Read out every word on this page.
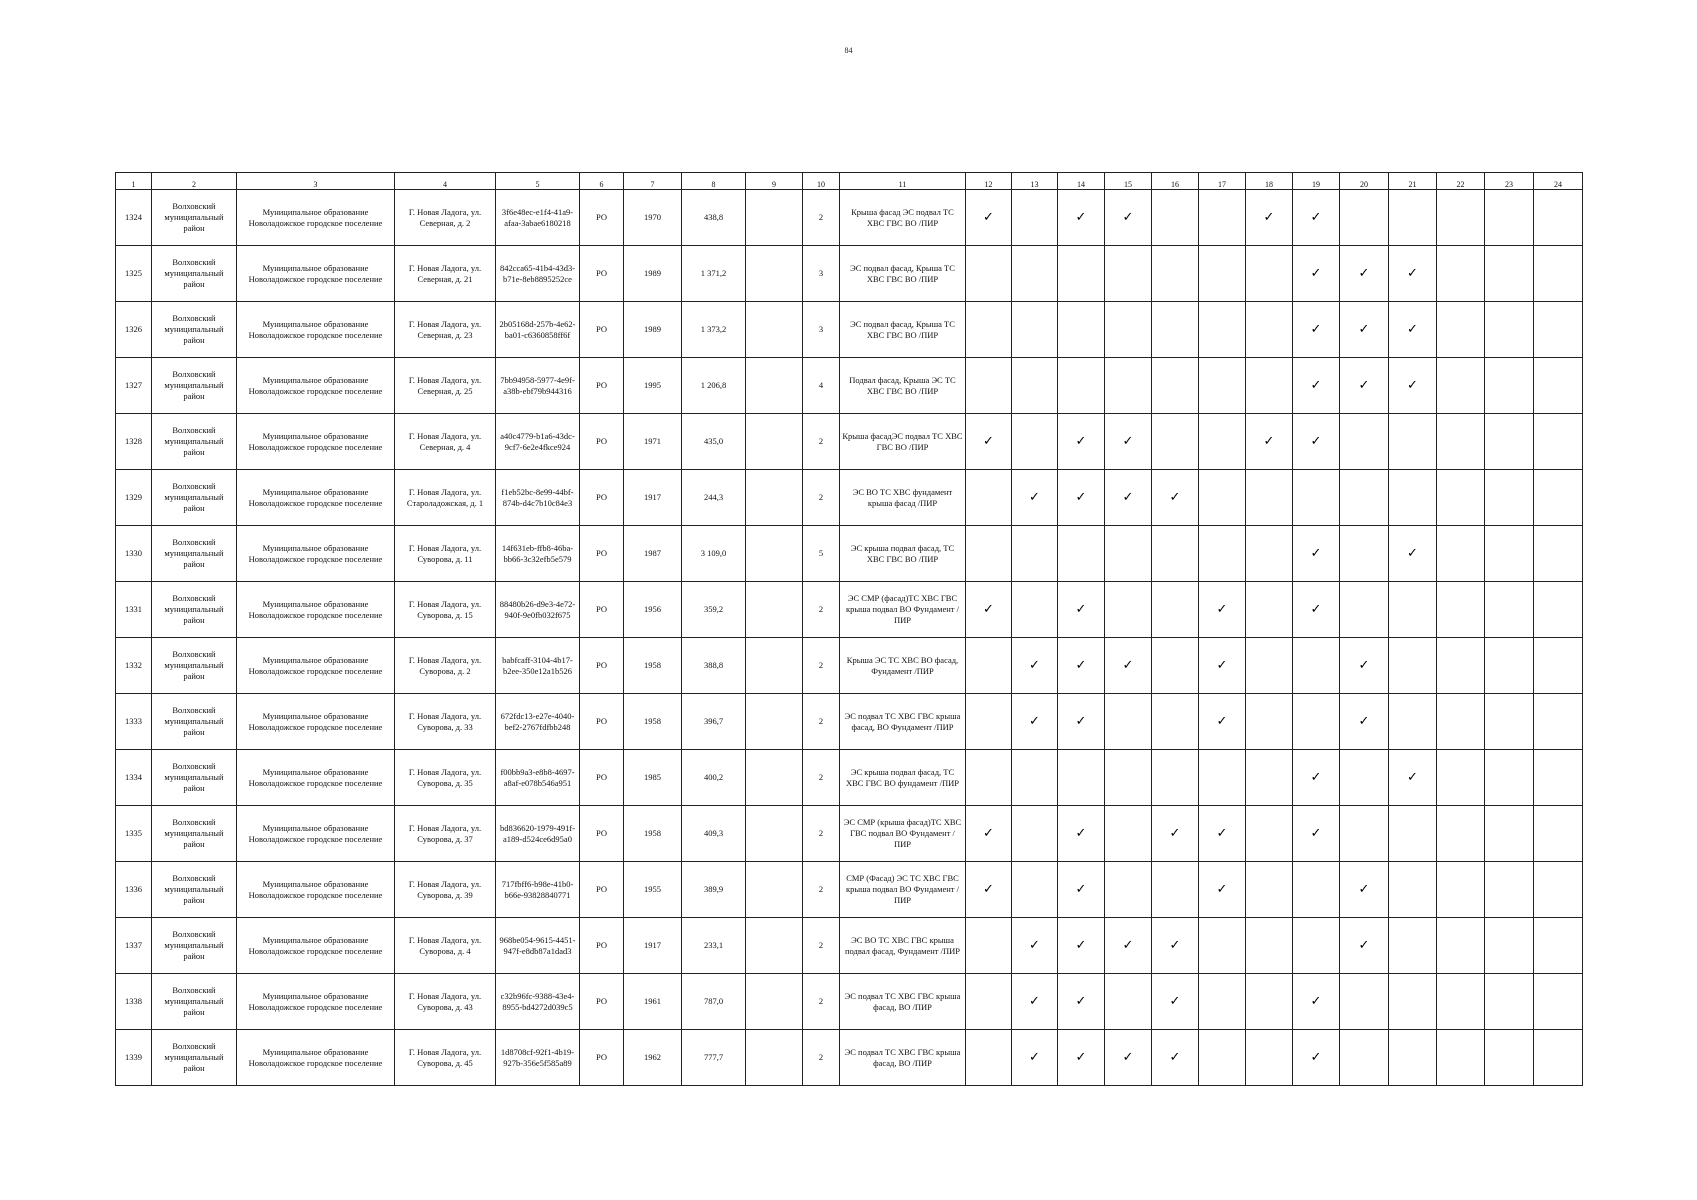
84
1	2	3	4	5	6	7	8	9	10	11	12	13	14	15	16	17	18	19	20	21	22	23	24
1324	Волховский муниципальный район	Муниципальное образование Новоладожское городское поселение	Г. Новая Ладога, ул. Северная, д. 2	3f6e48ec-e1f4-41a9-afaa-3abae6180218	РО	1970	438,8		2	Крыша фасад ЭС подвал ТС ХВС ГВС ВО /ПИР	✓		✓	✓			✓	✓					
1325	Волховский муниципальный район	Муниципальное образование Новоладожское городское поселение	Г. Новая Ладога, ул. Северная, д. 21	842cca65-41b4-43d3-b71e-8eb8895252ce	РО	1989	1 371,2		3	ЭС подвал фасад, Крыша ТС ХВС ГВС ВО /ПИР								✓	✓	✓			
1326	Волховский муниципальный район	Муниципальное образование Новоладожское городское поселение	Г. Новая Ладога, ул. Северная, д. 23	2b05168d-257b-4e62-ba01-c6360858ff6f	РО	1989	1 373,2		3	ЭС подвал фасад, Крыша ТС ХВС ГВС ВО /ПИР								✓	✓	✓			
1327	Волховский муниципальный район	Муниципальное образование Новоладожское городское поселение	Г. Новая Ладога, ул. Северная, д. 25	7bb94958-5977-4e9f-a38b-ebf79b944316	РО	1995	1 206,8		4	Подвал фасад, Крыша ЭС ТС ХВС ГВС ВО /ПИР								✓	✓	✓			
1328	Волховский муниципальный район	Муниципальное образование Новоладожское городское поселение	Г. Новая Ладога, ул. Северная, д. 4	a40c4779-b1a6-43dc-9cf7-6e2e4fkce924	РО	1971	435,0		2	Крыша фасадЭС подвал ТС ХВС ГВС ВО /ПИР	✓		✓	✓			✓	✓					
1329	Волховский муниципальный район	Муниципальное образование Новоладожское городское поселение	Г. Новая Ладога, ул. Староладожская, д. 1	f1eb52bc-8e99-44bf-874b-d4c7b10c84e3	РО	1917	244,3		2	ЭС ВО ТС ХВС фундамент крыша фасад /ПИР		✓	✓	✓	✓								
1330	Волховский муниципальный район	Муниципальное образование Новоладожское городское поселение	Г. Новая Ладога, ул. Суворова, д. 11	14f631eb-ffb8-46ba-bb66-3c32efb5e579	РО	1987	3 109,0		5	ЭС крыша подвал фасад, ТС ХВС ГВС ВО /ПИР								✓		✓			
1331	Волховский муниципальный район	Муниципальное образование Новоладожское городское поселение	Г. Новая Ладога, ул. Суворова, д. 15	88480b26-d9e3-4e72-940f-9e0fb032f675	РО	1956	359,2		2	ЭС СМР (фасад)ТС ХВС ГВС крыша подвал ВО Фундамент /ПИР	✓		✓			✓		✓					
1332	Волховский муниципальный район	Муниципальное образование Новоладожское городское поселение	Г. Новая Ладога, ул. Суворова, д. 2	babfcaff-3104-4b17-b2ee-350e12a1b526	РО	1958	388,8		2	Крыша ЭС ТС ХВС ВО фасад, Фундамент /ПИР		✓	✓	✓		✓			✓				
1333	Волховский муниципальный район	Муниципальное образование Новоладожское городское поселение	Г. Новая Ладога, ул. Суворова, д. 33	672fdc13-e27e-4040-bef2-2767fdfbb248	РО	1958	396,7		2	ЭС подвал ТС ХВС ГВС крыша фасад, ВО Фундамент /ПИР		✓	✓			✓			✓				
1334	Волховский муниципальный район	Муниципальное образование Новоладожское городское поселение	Г. Новая Ладога, ул. Суворова, д. 35	f00bb9a3-e8b8-4697-a8af-e078b546a951	РО	1985	400,2		2	ЭС крыша подвал фасад, ТС ХВС ГВС ВО фундамент /ПИР								✓		✓			
1335	Волховский муниципальный район	Муниципальное образование Новоладожское городское поселение	Г. Новая Ладога, ул. Суворова, д. 37	bd836620-1979-491f-a189-d524ce6d95a0	РО	1958	409,3		2	ЭС СМР (крыша фасад)ТС ХВС ГВС подвал ВО Фундамент /ПИР	✓		✓		✓	✓		✓					
1336	Волховский муниципальный район	Муниципальное образование Новоладожское городское поселение	Г. Новая Ладога, ул. Суворова, д. 39	717fbff6-b98e-41b0-b66e-93828840771	РО	1955	389,9		2	СМР (Фасад) ЭС ТС ХВС ГВС крыша подвал ВО Фундамент /ПИР	✓		✓			✓			✓				
1337	Волховский муниципальный район	Муниципальное образование Новоладожское городское поселение	Г. Новая Ладога, ул. Суворова, д. 4	968be054-9615-4451-947f-e8db87a1dad3	РО	1917	233,1		2	ЭС ВО ТС ХВС ГВС крыша подвал фасад, Фундамент /ПИР		✓	✓	✓	✓				✓				
1338	Волховский муниципальный район	Муниципальное образование Новоладожское городское поселение	Г. Новая Ладога, ул. Суворова, д. 43	c32b96fc-9388-43e4-8955-bd4272d039c5	РО	1961	787,0		2	ЭС подвал ТС ХВС ГВС крыша фасад, ВО /ПИР		✓	✓		✓			✓					
1339	Волховский муниципальный район	Муниципальное образование Новоладожское городское поселение	Г. Новая Ладога, ул. Суворова, д. 45	1d8708cf-92f1-4b19-927b-356e5f585a89	РО	1962	777,7		2	ЭС подвал ТС ХВС ГВС крыша фасад, ВО /ПИР		✓	✓	✓	✓			✓					
